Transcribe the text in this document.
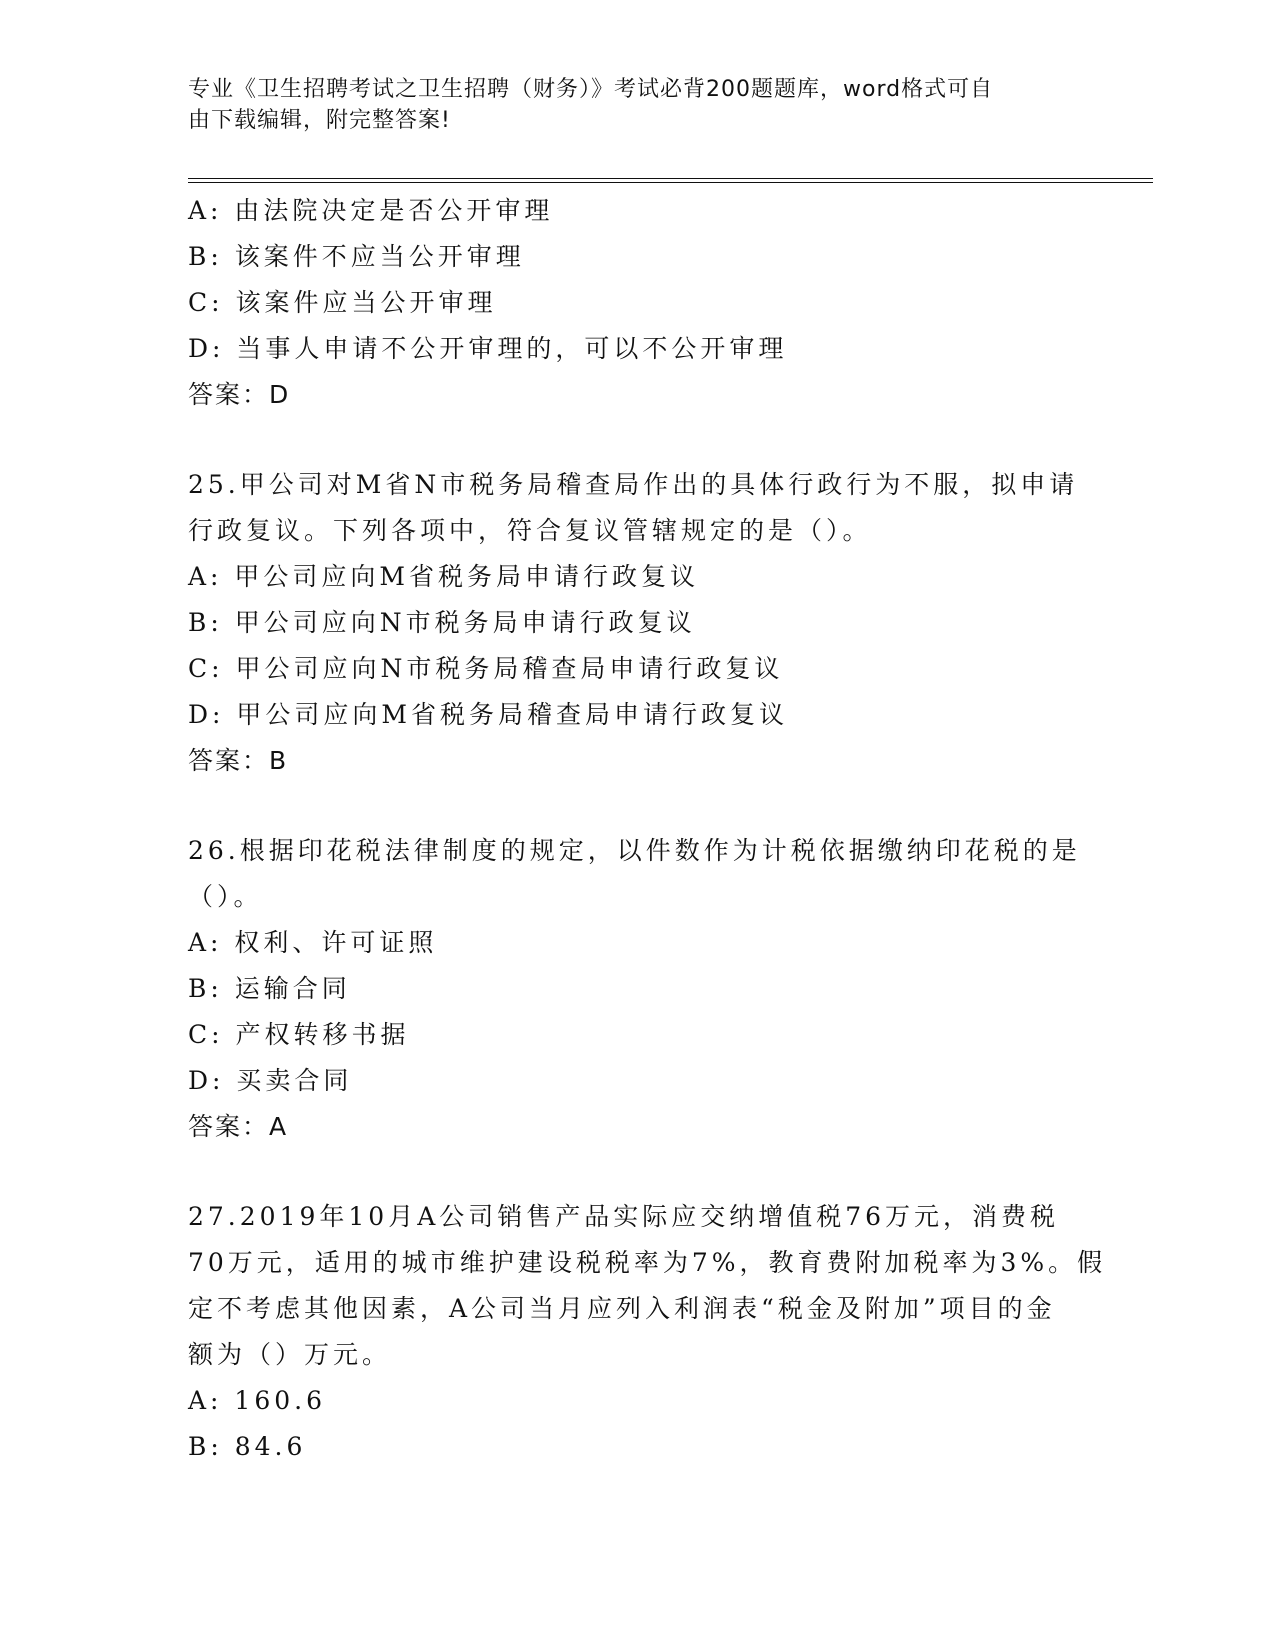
专业《卫生招聘考试之卫生招聘（财务）》考试必背200题题库，word格式可自
由下载编辑，附完整答案!
A: 由法院决定是否公开审理
B: 该案件不应当公开审理
C: 该案件应当公开审理
D: 当事人申请不公开审理的，可以不公开审理
答案：D
25.甲公司对M省N市税务局稽查局作出的具体行政行为不服，拟申请
行政复议。下列各项中，符合复议管辖规定的是（）。
A: 甲公司应向M省税务局申请行政复议
B: 甲公司应向N市税务局申请行政复议
C: 甲公司应向N市税务局稽查局申请行政复议
D: 甲公司应向M省税务局稽查局申请行政复议
答案：B
26.根据印花税法律制度的规定，以件数作为计税依据缴纳印花税的是
（）。
A: 权利、许可证照
B: 运输合同
C: 产权转移书据
D: 买卖合同
答案：A
27.2019年10月A公司销售产品实际应交纳增值税76万元，消费税
70万元，适用的城市维护建设税税率为7%，教育费附加税率为3%。假
定不考虑其他因素，A公司当月应列入利润表“税金及附加”项目的金
额为（）万元。
A: 160.6
B: 84.6
